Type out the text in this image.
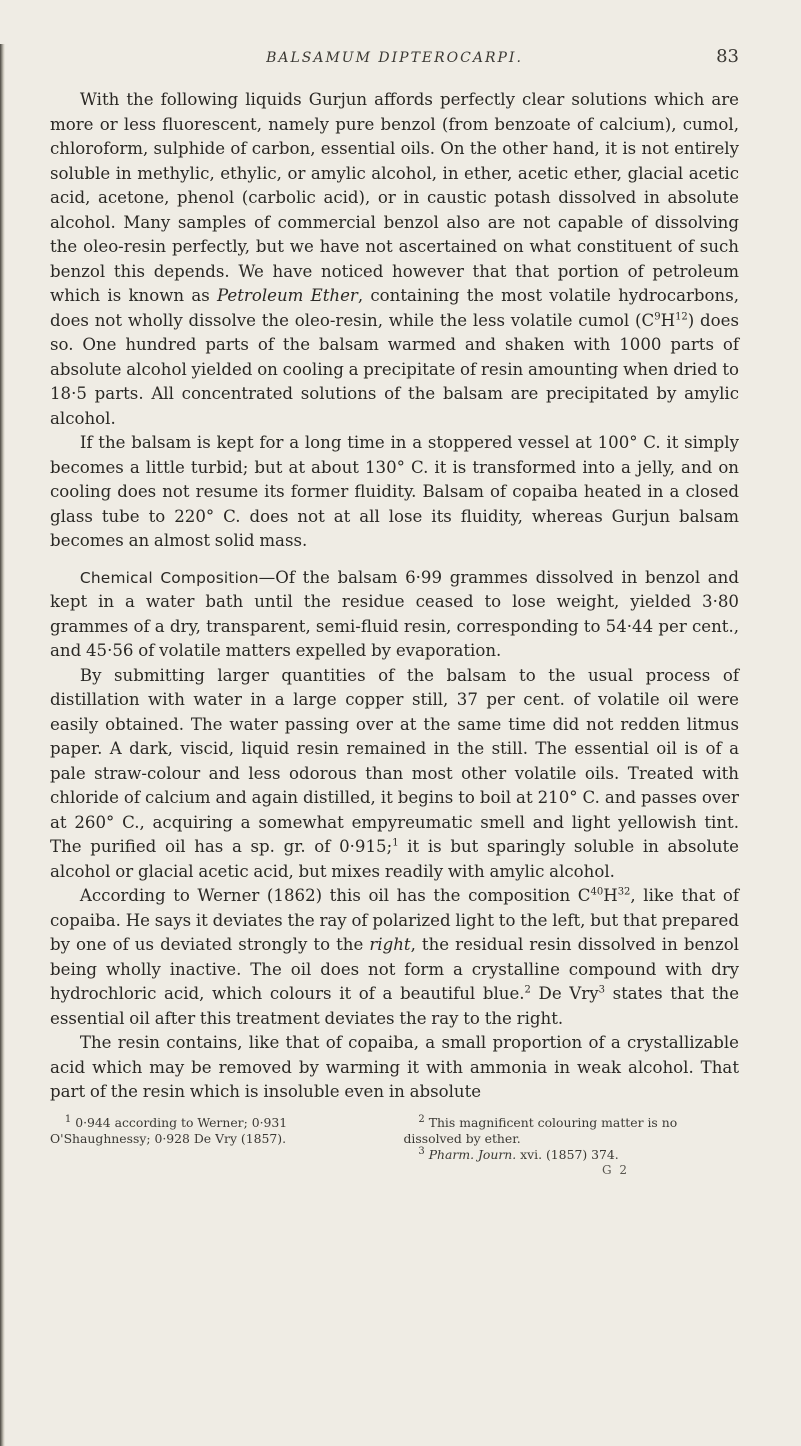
BALSAMUM DIPTEROCARPI.	83

With the following liquids Gurjun affords perfectly clear solutions which are more or less fluorescent, namely pure benzol (from benzoate of calcium), cumol, chloroform, sulphide of carbon, essential oils. On the other hand, it is not entirely soluble in methylic, ethylic, or amylic alcohol, in ether, acetic ether, glacial acetic acid, acetone, phenol (carbolic acid), or in caustic potash dissolved in absolute alcohol. Many samples of commercial benzol also are not capable of dissolving the oleo-resin perfectly, but we have not ascertained on what constituent of such benzol this depends. We have noticed however that that portion of petroleum which is known as Petroleum Ether, containing the most volatile hydrocarbons, does not wholly dissolve the oleo-resin, while the less volatile cumol $(C^9H^{12})$ does so. One hundred parts of the balsam warmed and shaken with 1000 parts of absolute alcohol yielded on cooling a precipitate of resin amounting when dried to 18·5 parts. All concentrated solutions of the balsam are precipitated by amylic alcohol.

If the balsam is kept for a long time in a stoppered vessel at 100° C. it simply becomes a little turbid; but at about 130° C. it is transformed into a jelly, and on cooling does not resume its former fluidity. Balsam of copaiba heated in a closed glass tube to 220° C. does not at all lose its fluidity, whereas Gurjun balsam becomes an almost solid mass.

Chemical Composition—Of the balsam 6·99 grammes dissolved in benzol and kept in a water bath until the residue ceased to lose weight, yielded 3·80 grammes of a dry, transparent, semi-fluid resin, corresponding to 54·44 per cent., and 45·56 of volatile matters expelled by evaporation.

By submitting larger quantities of the balsam to the usual process of distillation with water in a large copper still, 37 per cent. of volatile oil were easily obtained. The water passing over at the same time did not redden litmus paper. A dark, viscid, liquid resin remained in the still. The essential oil is of a pale straw-colour and less odorous than most other volatile oils. Treated with chloride of calcium and again distilled, it begins to boil at 210° C. and passes over at 260° C., acquiring a somewhat empyreumatic smell and light yellowish tint. The purified oil has a sp. gr. of 0·915;$^1$ it is but sparingly soluble in absolute alcohol or glacial acetic acid, but mixes readily with amylic alcohol.

According to Werner (1862) this oil has the composition $C^{40}H^{32}$, like that of copaiba. He says it deviates the ray of polarized light to the left, but that prepared by one of us deviated strongly to the right, the residual resin dissolved in benzol being wholly inactive. The oil does not form a crystalline compound with dry hydrochloric acid, which colours it of a beautiful blue.$^2$ De Vry$^3$ states that the essential oil after this treatment deviates the ray to the right.

The resin contains, like that of copaiba, a small proportion of a crystallizable acid which may be removed by warming it with ammonia in weak alcohol. That part of the resin which is insoluble even in absolute

$^1$ 0·944 according to Werner; 0·931 O'Shaughnessy; 0·928 De Vry (1857).

$^2$ This magnificent colouring matter is no dissolved by ether.

$^3$ Pharm. Journ. xvi. (1857) 374.

G 2
